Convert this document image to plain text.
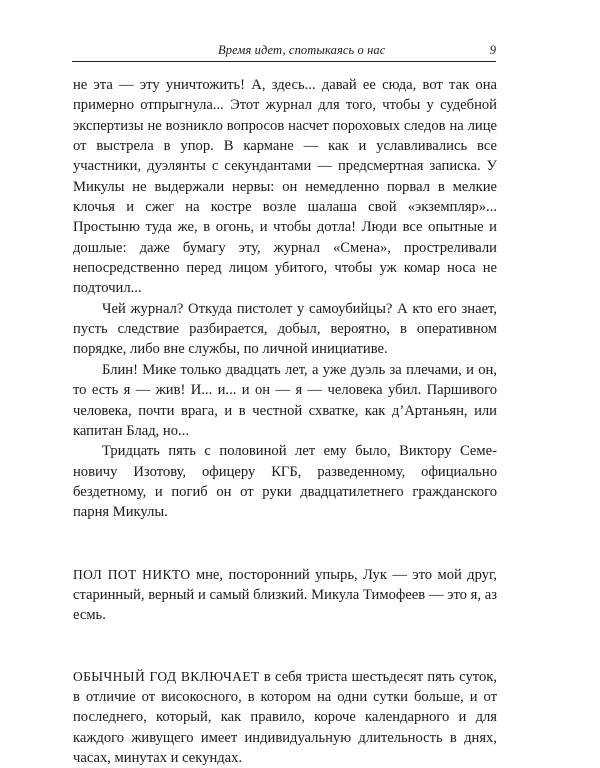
Время идет, спотыкаясь о нас	9

не эта — эту уничтожить! А, здесь... давай ее сюда, вот так она примерно отпрыгнула... Этот журнал для того, чтобы у судебной экспертизы не возникло вопросов насчет пороховых следов на лице от выстрела в упор. В кармане — как и уславливались все участники, дуэлянты с секундантами — предсмертная записка. У Микулы не выдержали нервы: он немедленно порвал в мелкие клочья и сжег на костре возле шалаша свой «экземпляр»... Простыню туда же, в огонь, и чтобы дотла! Люди все опытные и дошлые: даже бумагу эту, журнал «Смена», простреливали непосредственно перед лицом убитого, чтобы уж комар носа не подточил...

Чей журнал? Откуда пистолет у самоубийцы? А кто его знает, пусть следствие разбирается, добыл, вероятно, в оперативном порядке, либо вне службы, по личной инициативе.

Блин! Мике только двадцать лет, а уже дуэль за плечами, и он, то есть я — жив! И... и... и он — я — человека убил. Паршивого человека, почти врага, и в честной схватке, как д’Артаньян, или капитан Блад, но...

Тридцать пять с половиной лет ему было, Виктору Семеновичу Изотову, офицеру КГБ, разведенному, официально бездетному, и погиб он от руки двадцатилетнего гражданского парня Микулы.

ПОЛ ПОТ НИКТО мне, посторонний упырь, Лук — это мой друг, старинный, верный и самый близкий. Микула Тимофеев — это я, аз есмь.

ОБЫЧНЫЙ ГОД ВКЛЮЧАЕТ в себя триста шестьдесят пять суток, в отличие от високосного, в котором на одни сутки больше, и от последнего, который, как правило, короче календарного и для каждого живущего имеет индивидуальную длительность в днях, часах, минутах и секундах.
